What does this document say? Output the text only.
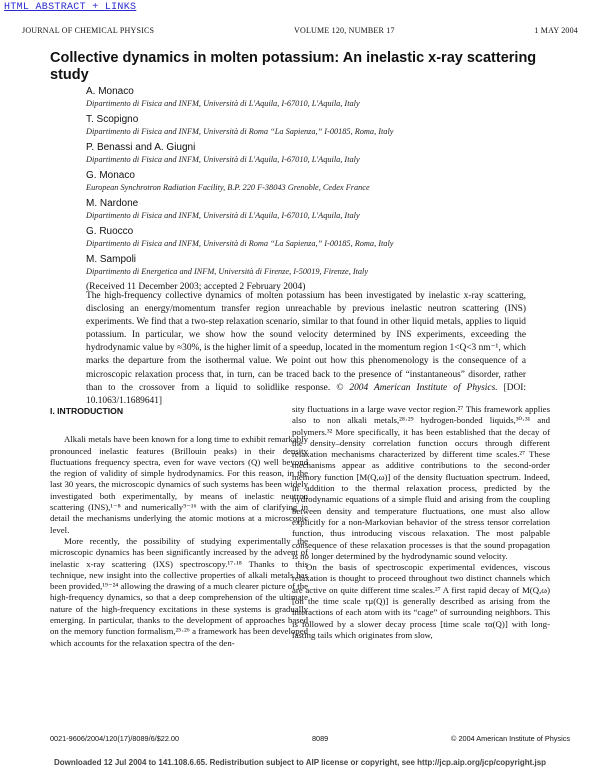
HTML ABSTRACT + LINKS
JOURNAL OF CHEMICAL PHYSICS	VOLUME 120, NUMBER 17	1 MAY 2004
Collective dynamics in molten potassium: An inelastic x-ray scattering study
A. Monaco
Dipartimento di Fisica and INFM, Università di L'Aquila, I-67010, L'Aquila, Italy
T. Scopigno
Dipartimento di Fisica and INFM, Università di Roma “La Sapienza,” I-00185, Roma, Italy
P. Benassi and A. Giugni
Dipartimento di Fisica and INFM, Università di L'Aquila, I-67010, L'Aquila, Italy
G. Monaco
European Synchrotron Radiation Facility, B.P. 220 F-38043 Grenoble, Cedex France
M. Nardone
Dipartimento di Fisica and INFM, Università di L'Aquila, I-67010, L'Aquila, Italy
G. Ruocco
Dipartimento di Fisica and INFM, Università di Roma “La Sapienza,” I-00185, Roma, Italy
M. Sampoli
Dipartimento di Energetica and INFM, Università di Firenze, I-50019, Firenze, Italy
(Received 11 December 2003; accepted 2 February 2004)
The high-frequency collective dynamics of molten potassium has been investigated by inelastic x-ray scattering, disclosing an energy/momentum transfer region unreachable by previous inelastic neutron scattering (INS) experiments. We find that a two-step relaxation scenario, similar to that found in other liquid metals, applies to liquid potassium. In particular, we show how the sound velocity determined by INS experiments, exceeding the hydrodynamic value by ≈30%, is the higher limit of a speedup, located in the momentum region 1<Q<3 nm⁻¹, which marks the departure from the isothermal value. We point out how this phenomenology is the consequence of a microscopic relaxation process that, in turn, can be traced back to the presence of “instantaneous” disorder, rather than to the crossover from a liquid to solidlike response. © 2004 American Institute of Physics. [DOI: 10.1063/1.1689641]
I. INTRODUCTION

Alkali metals have been known for a long time to exhibit remarkably pronounced inelastic features (Brillouin peaks) in their density fluctuations frequency spectra, even for wave vectors (Q) well beyond the region of validity of simple hydrodynamics. For this reason, in the last 30 years, the microscopic dynamics of such systems has been widely investigated both experimentally, by means of inelastic neutron scattering (INS),¹⁻⁸ and numerically⁹⁻¹⁶ with the aim of clarifying in detail the mechanisms underlying the atomic motions at a microscopic level.

More recently, the possibility of studying experimentally the microscopic dynamics has been significantly increased by the advent of inelastic x-ray scattering (IXS) spectroscopy.¹⁷·¹⁸ Thanks to this technique, new insight into the collective properties of alkali metals has been provided,¹⁹⁻²⁴ allowing the drawing of a much clearer picture of the high-frequency dynamics, so that a deep comprehension of the ultimate nature of the high-frequency excitations in these systems is gradually emerging. In particular, thanks to the development of approaches based on the memory function formalism,²⁵·²⁶ a framework has been developed which accounts for the relaxation spectra of the den-

sity fluctuations in a large wave vector region.²⁷ This framework applies also to non alkali metals,²⁸·²⁹ hydrogen-bonded liquids,³⁰·³¹ and polymers.³² More specifically, it has been established that the decay of the density–density correlation function occurs through different relaxation mechanisms characterized by different time scales.²⁷ These mechanisms appear as additive contributions to the second-order memory function [M(Q,ω)] of the density fluctuation spectrum. Indeed, in addition to the thermal relaxation process, predicted by the hydrodynamic equations of a simple fluid and arising from the coupling between density and temperature fluctuations, one must also allow explicitly for a non-Markovian behavior of the stress tensor correlation function, thus introducing viscous relaxation. The most palpable consequence of these relaxation processes is that the sound propagation is no longer determined by the hydrodynamic sound velocity.

On the basis of spectroscopic experimental evidences, viscous relaxation is thought to proceed throughout two distinct channels which are active on quite different time scales.²⁷ A first rapid decay of M(Q,ω) [on the time scale τμ(Q)] is generally described as arising from the interactions of each atom with its “cage” of surrounding neighbors. This is followed by a slower decay process [time scale τα(Q)] with long-lasting tails which originates from slow,

0021-9606/2004/120(17)/8089/6/$22.00	8089	© 2004 American Institute of Physics
Downloaded 12 Jul 2004 to 141.108.6.65. Redistribution subject to AIP license or copyright, see http://jcp.aip.org/jcp/copyright.jsp
